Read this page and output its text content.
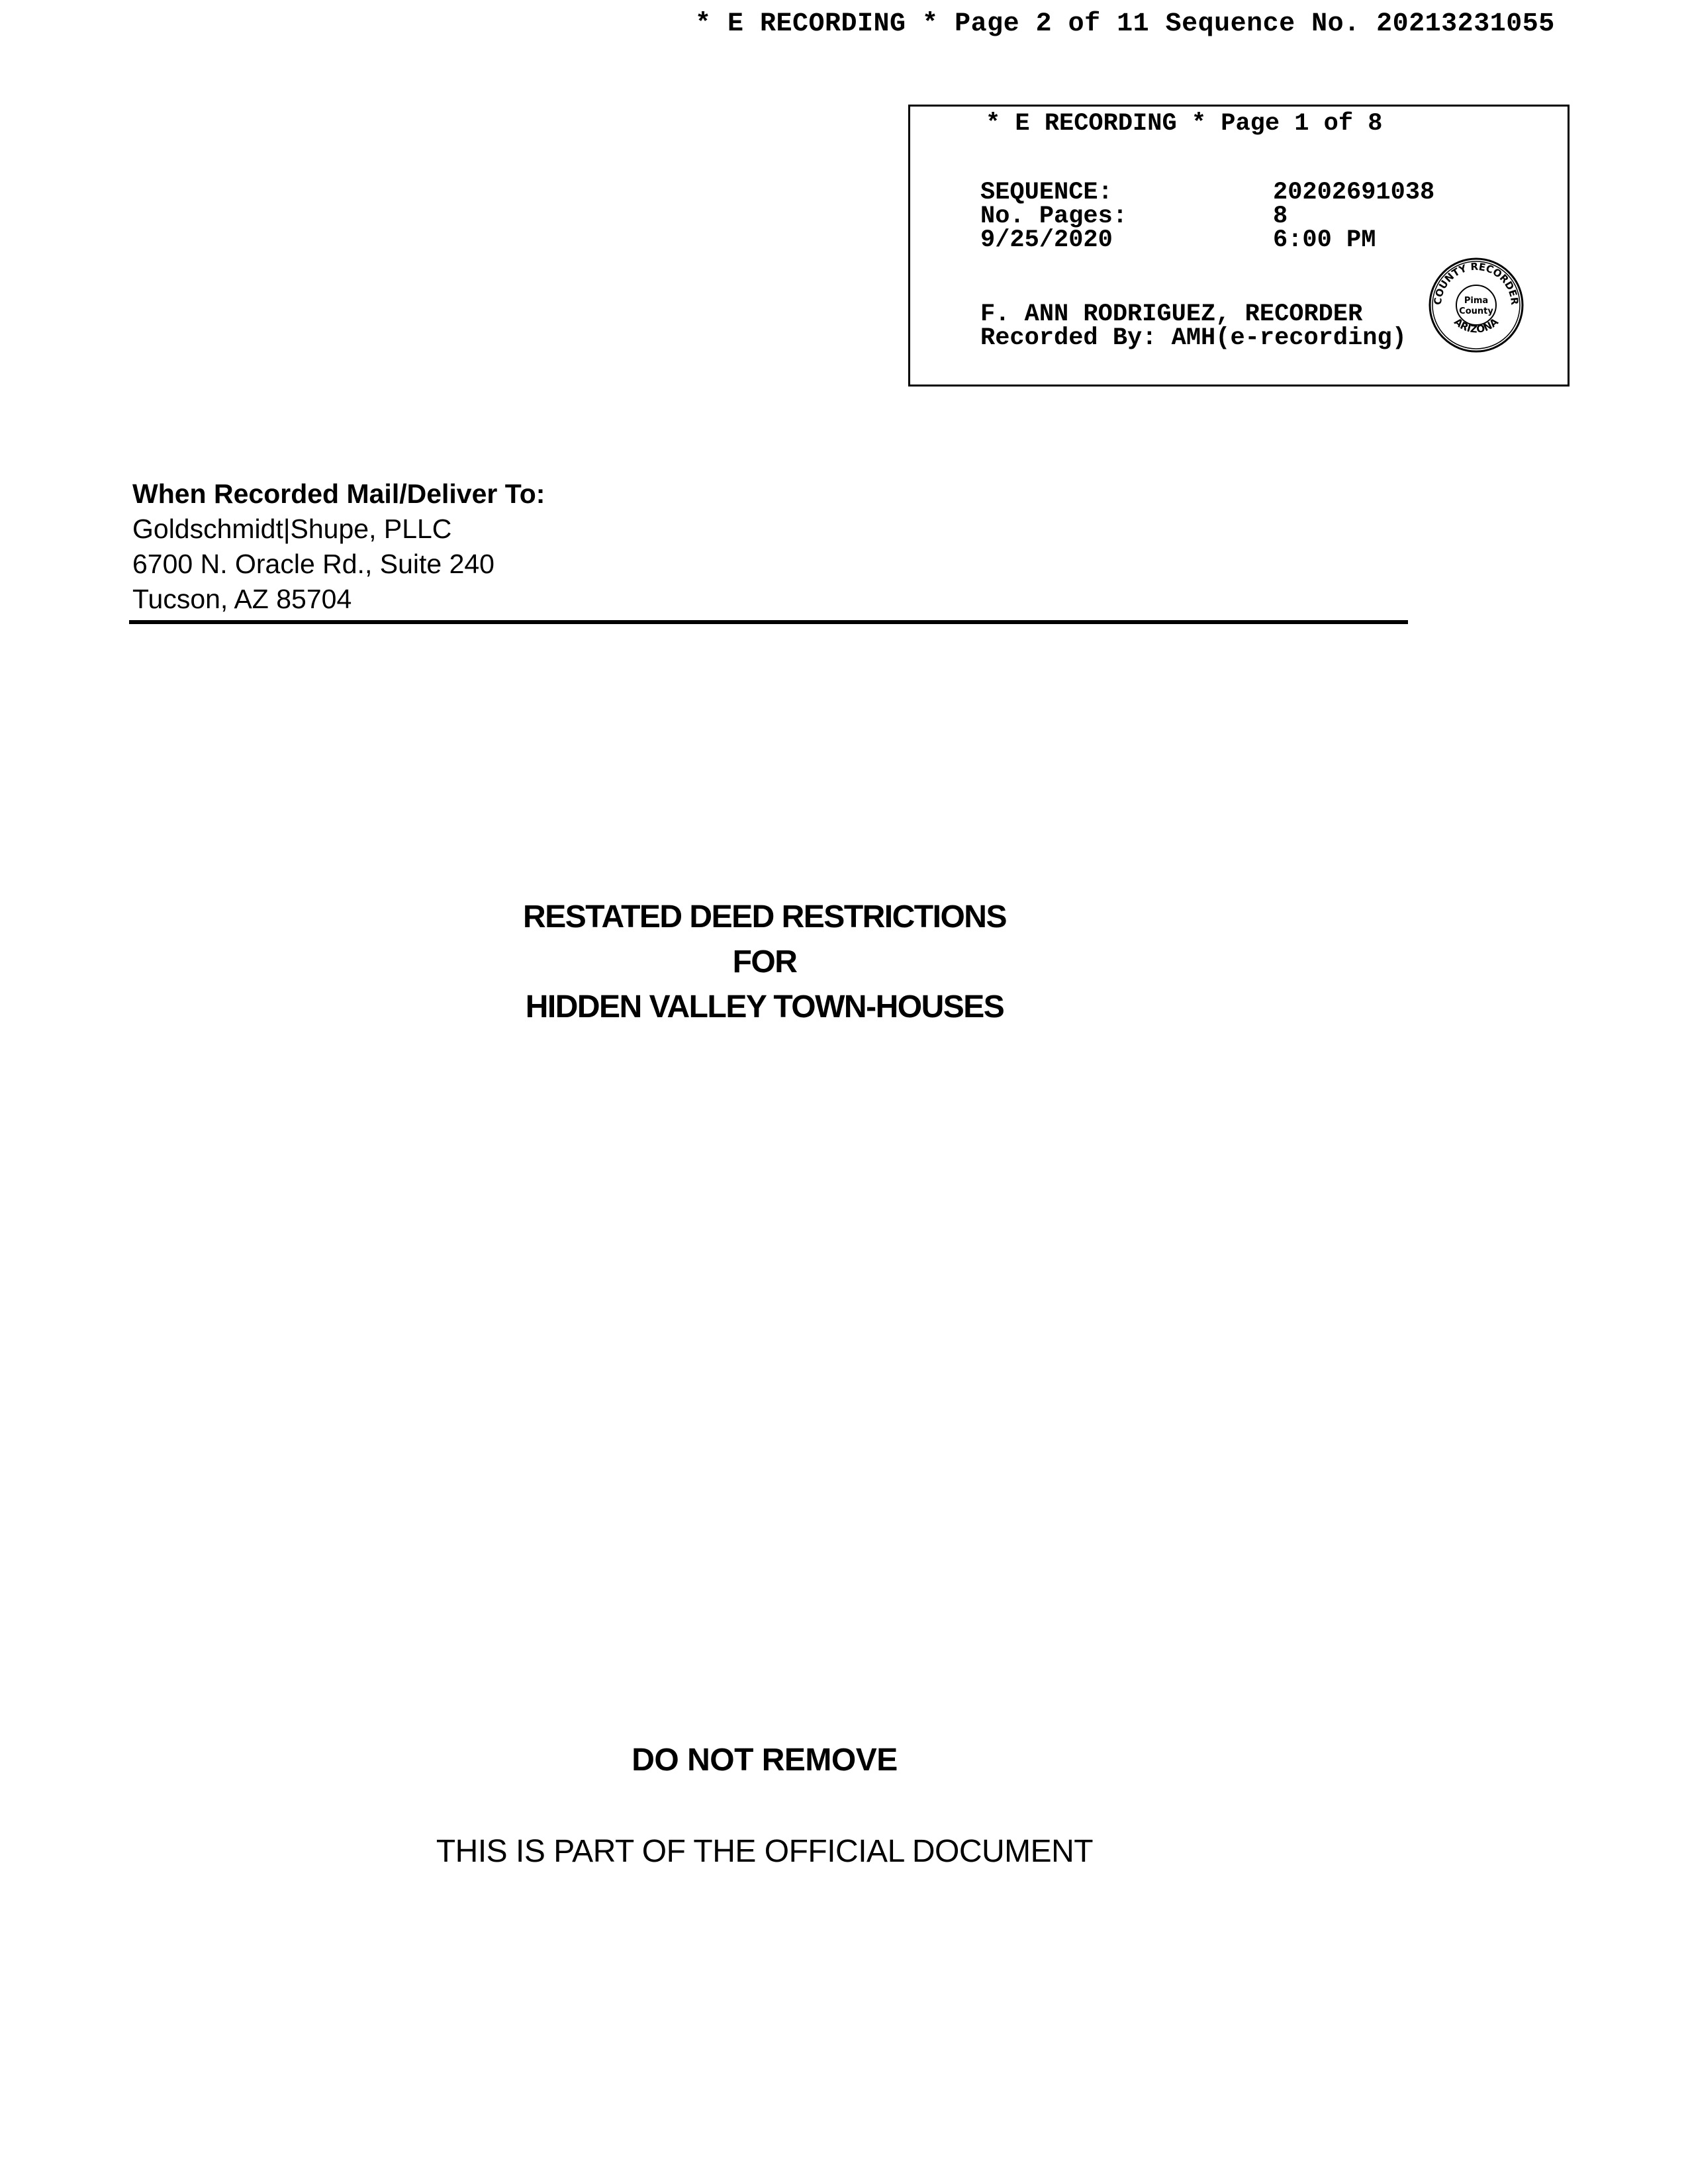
* E RECORDING * Page 2 of 11 Sequence No. 20213231055
* E RECORDING * Page 1 of 8
SEQUENCE:	20202691038
No. Pages:	8
9/25/2020	6:00 PM
F. ANN RODRIGUEZ, RECORDER
Recorded By: AMH(e-recording)
COUNTY RECORDER
ARIZONA
Pima
County
When Recorded Mail/Deliver To:
Goldschmidt|Shupe, PLLC
6700 N. Oracle Rd., Suite 240
Tucson, AZ 85704
RESTATED DEED RESTRICTIONS
FOR
HIDDEN VALLEY TOWN-HOUSES
DO NOT REMOVE
THIS IS PART OF THE OFFICIAL DOCUMENT
